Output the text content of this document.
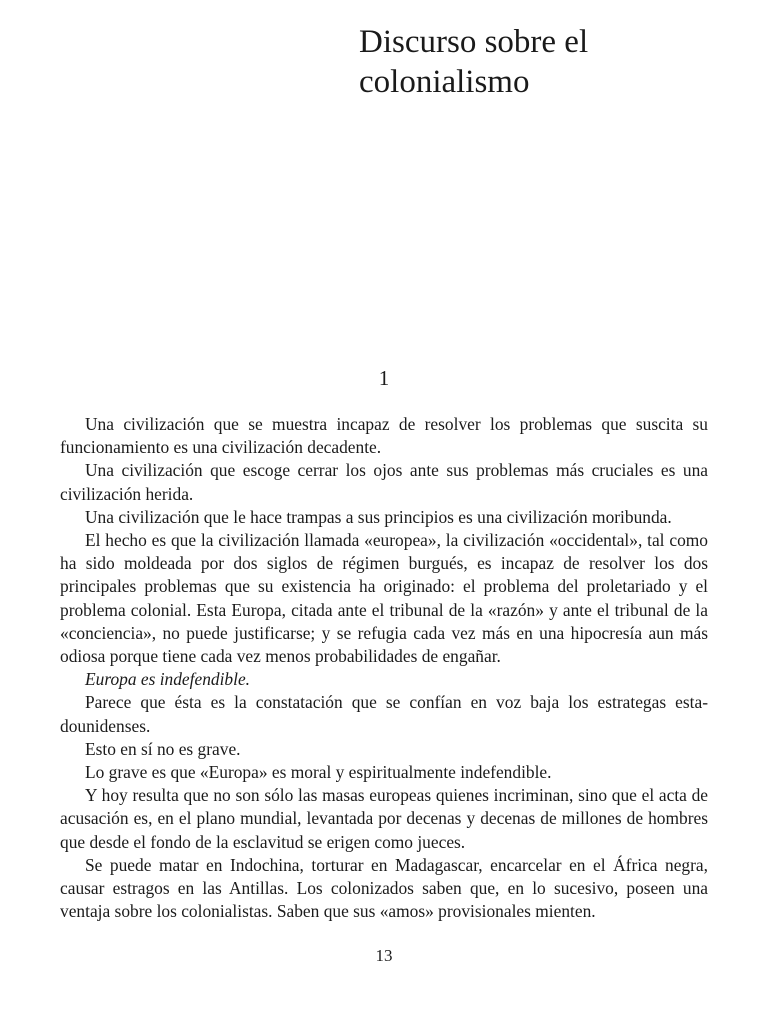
Discurso sobre el colonialismo
1

Una civilización que se muestra incapaz de resolver los problemas que suscita su funcionamiento es una civilización decadente.

Una civilización que escoge cerrar los ojos ante sus problemas más cruciales es una civilización herida.

Una civilización que le hace trampas a sus principios es una civilización moribunda.

El hecho es que la civilización llamada «europea», la civilización «occidental», tal como ha sido moldeada por dos siglos de régimen burgués, es incapaz de resolver los dos principales problemas que su existencia ha originado: el problema del proletariado y el problema colonial. Esta Europa, citada ante el tribunal de la «razón» y ante el tribunal de la «conciencia», no puede justificarse; y se refugia cada vez más en una hipocresía aun más odiosa porque tiene cada vez menos probabilidades de engañar.

Europa es indefendible.

Parece que ésta es la constatación que se confían en voz baja los estrategas estadounidenses.

Esto en sí no es grave.

Lo grave es que «Europa» es moral y espiritualmente indefendible.

Y hoy resulta que no son sólo las masas europeas quienes incriminan, sino que el acta de acusación es, en el plano mundial, levantada por decenas y decenas de millones de hombres que desde el fondo de la esclavitud se erigen como jueces.

Se puede matar en Indochina, torturar en Madagascar, encarcelar en el África negra, causar estragos en las Antillas. Los colonizados saben que, en lo sucesivo, poseen una ventaja sobre los colonialistas. Saben que sus «amos» provisionales mienten.

13
